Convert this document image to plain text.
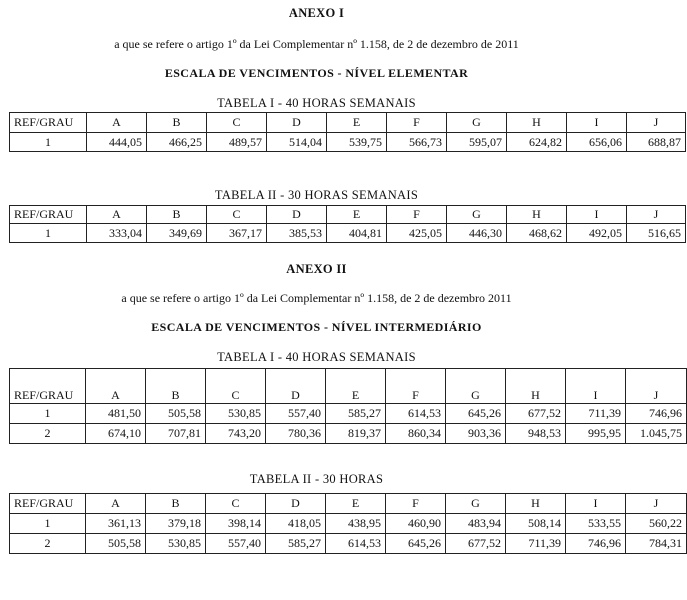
ANEXO I
a que se refere o artigo 1º da Lei Complementar nº 1.158, de 2 de dezembro de 2011
ESCALA DE VENCIMENTOS - NÍVEL ELEMENTAR
TABELA I - 40 HORAS SEMANAIS
REF/GRAU	A	B	C	D	E	F	G	H	I	J
1	444,05	466,25	489,57	514,04	539,75	566,73	595,07	624,82	656,06	688,87
TABELA II - 30 HORAS SEMANAIS
REF/GRAU	A	B	C	D	E	F	G	H	I	J
1	333,04	349,69	367,17	385,53	404,81	425,05	446,30	468,62	492,05	516,65
ANEXO II
a que se refere o artigo 1º da Lei Complementar nº 1.158, de 2 de dezembro 2011
ESCALA DE VENCIMENTOS - NÍVEL INTERMEDIÁRIO
TABELA I - 40 HORAS SEMANAIS
REF/GRAU	A	B	C	D	E	F	G	H	I	J
1	481,50	505,58	530,85	557,40	585,27	614,53	645,26	677,52	711,39	746,96
2	674,10	707,81	743,20	780,36	819,37	860,34	903,36	948,53	995,95	1.045,75
TABELA II - 30 HORAS
REF/GRAU	A	B	C	D	E	F	G	H	I	J
1	361,13	379,18	398,14	418,05	438,95	460,90	483,94	508,14	533,55	560,22
2	505,58	530,85	557,40	585,27	614,53	645,26	677,52	711,39	746,96	784,31
